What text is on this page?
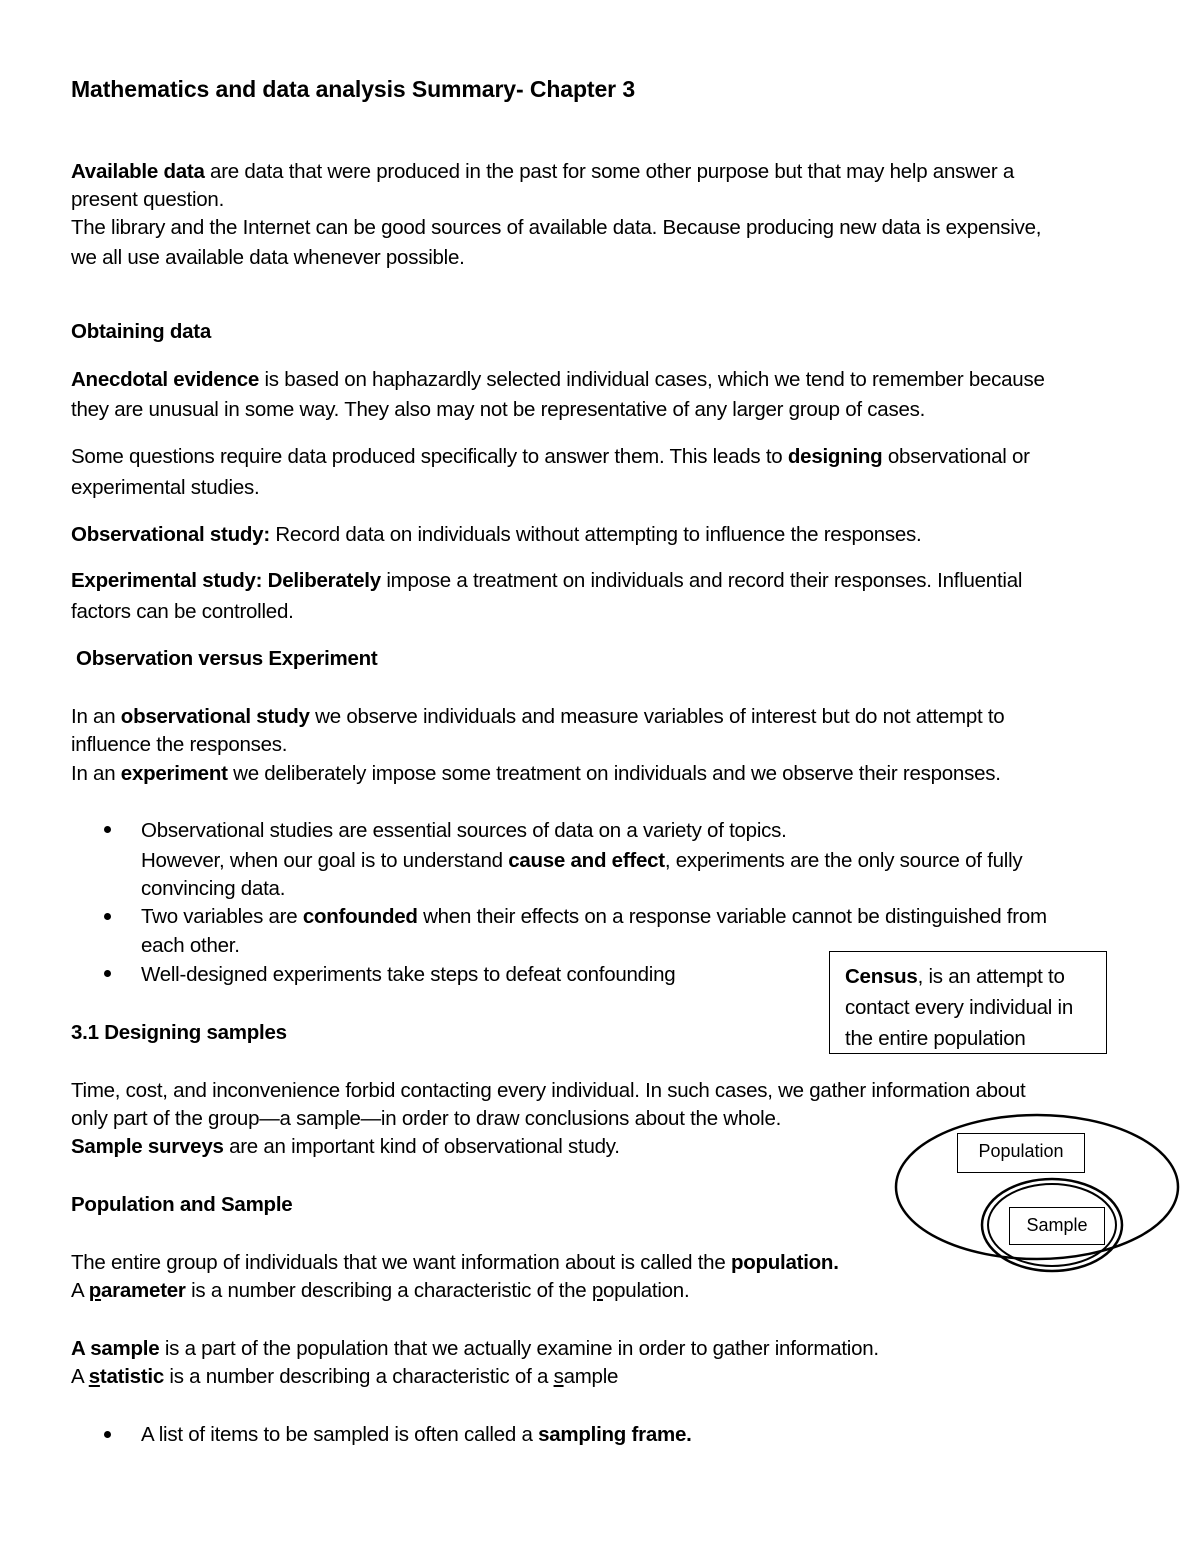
Mathematics and data analysis Summary- Chapter 3
Available data are data that were produced in the past for some other purpose but that may help answer a
present question.
The library and the Internet can be good sources of available data. Because producing new data is expensive,
we all use available data whenever possible.
Obtaining data
Anecdotal evidence is based on haphazardly selected individual cases, which we tend to remember because
they are unusual in some way. They also may not be representative of any larger group of cases.
Some questions require data produced specifically to answer them. This leads to designing observational or
experimental studies.
Observational study: Record data on individuals without attempting to influence the responses.
Experimental study: Deliberately impose a treatment on individuals and record their responses. Influential
factors can be controlled.
Observation versus Experiment
In an observational study we observe individuals and measure variables of interest but do not attempt to
influence the responses.
In an experiment we deliberately impose some treatment on individuals and we observe their responses.
Observational studies are essential sources of data on a variety of topics.
However, when our goal is to understand cause and effect, experiments are the only source of fully
convincing data.
Two variables are confounded when their effects on a response variable cannot be distinguished from
each other.
Well-designed experiments take steps to defeat confounding	Census, is an attempt to
contact every individual in
the entire population
3.1 Designing samples
Time, cost, and inconvenience forbid contacting every individual. In such cases, we gather information about
only part of the group—a sample—in order to draw conclusions about the whole.
Sample surveys are an important kind of observational study.
Population and Sample
The entire group of individuals that we want information about is called the population.
A parameter is a number describing a characteristic of the population.
A sample is a part of the population that we actually examine in order to gather information.
A statistic is a number describing a characteristic of a sample
A list of items to be sampled is often called a sampling frame.
Population
Sample
